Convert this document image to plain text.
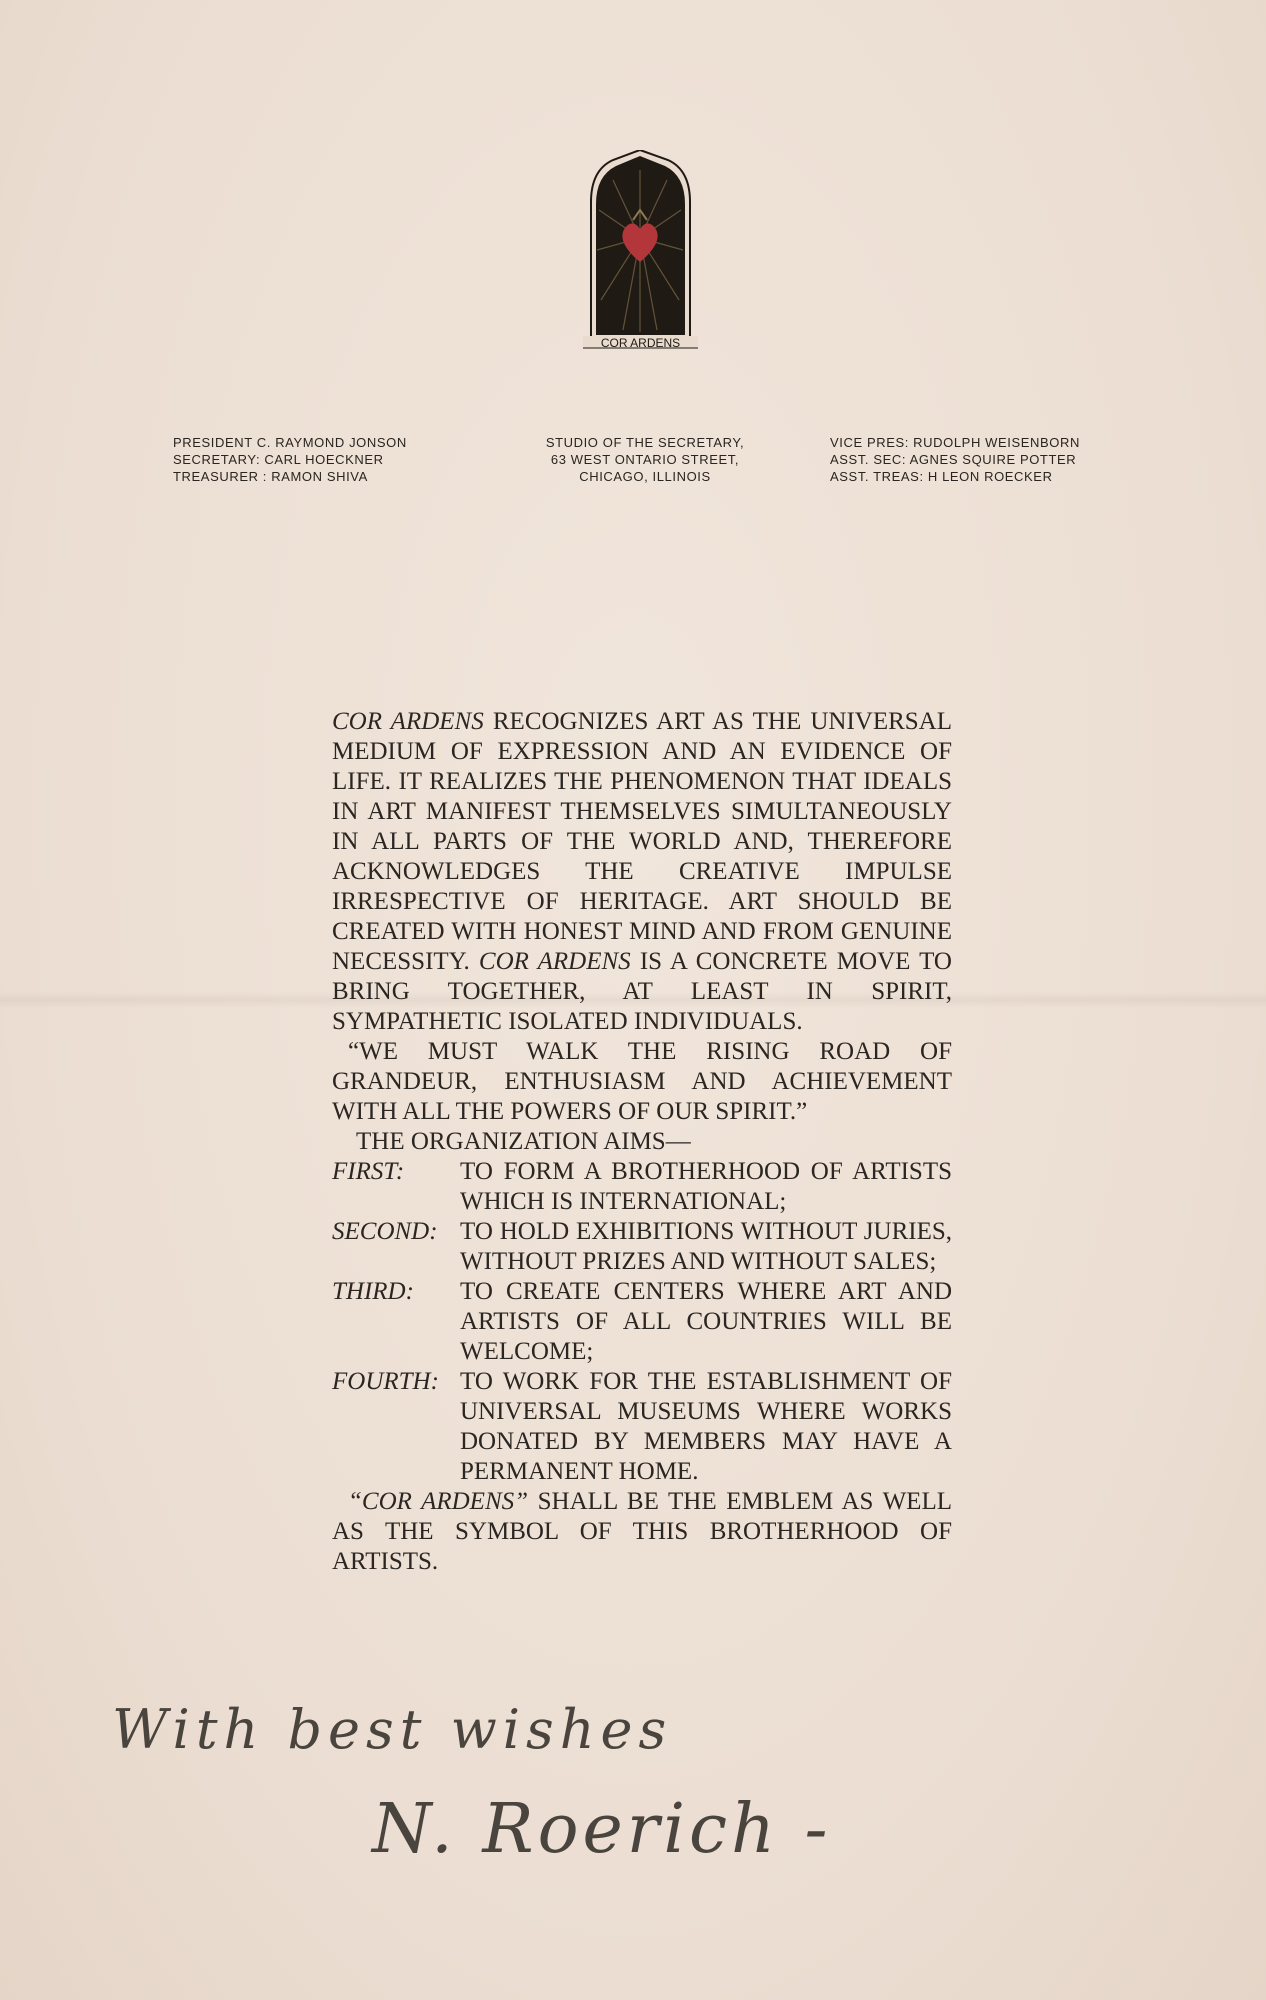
COR ARDENS
PRESIDENT C. RAYMOND JONSON
SECRETARY: CARL HOECKNER
TREASURER : RAMON SHIVA
STUDIO OF THE SECRETARY,
63 WEST ONTARIO STREET,
CHICAGO, ILLINOIS
VICE PRES: RUDOLPH WEISENBORN
ASST. SEC: AGNES SQUIRE POTTER
ASST. TREAS: H LEON ROECKER

COR ARDENS RECOGNIZES ART AS THE UNIVERSAL MEDIUM OF EXPRESSION AND AN EVIDENCE OF LIFE. IT REALIZES THE PHENOMENON THAT IDEALS IN ART MANIFEST THEMSELVES SIMULTANEOUSLY IN ALL PARTS OF THE WORLD AND, THEREFORE ACKNOWLEDGES THE CREATIVE IMPULSE IRRESPECTIVE OF HERITAGE. ART SHOULD BE CREATED WITH HONEST MIND AND FROM GENUINE NECESSITY. COR ARDENS IS A CONCRETE MOVE TO BRING TOGETHER, AT LEAST IN SPIRIT, SYMPATHETIC ISOLATED INDIVIDUALS.

“WE MUST WALK THE RISING ROAD OF GRANDEUR, ENTHUSIASM AND ACHIEVEMENT WITH ALL THE POWERS OF OUR SPIRIT.”

THE ORGANIZATION AIMS—

FIRST:	TO FORM A BROTHERHOOD OF ARTISTS WHICH IS INTERNATIONAL;
SECOND: TO HOLD EXHIBITIONS WITHOUT JURIES, WITHOUT PRIZES AND WITHOUT SALES;
THIRD:	TO CREATE CENTERS WHERE ART AND ARTISTS OF ALL COUNTRIES WILL BE WELCOME;
FOURTH: TO WORK FOR THE ESTABLISHMENT OF UNIVERSAL MUSEUMS WHERE WORKS DONATED BY MEMBERS MAY HAVE A PERMANENT HOME.

“COR ARDENS” SHALL BE THE EMBLEM AS WELL AS THE SYMBOL OF THIS BROTHERHOOD OF ARTISTS.

With best wishes
N. Roerich -
